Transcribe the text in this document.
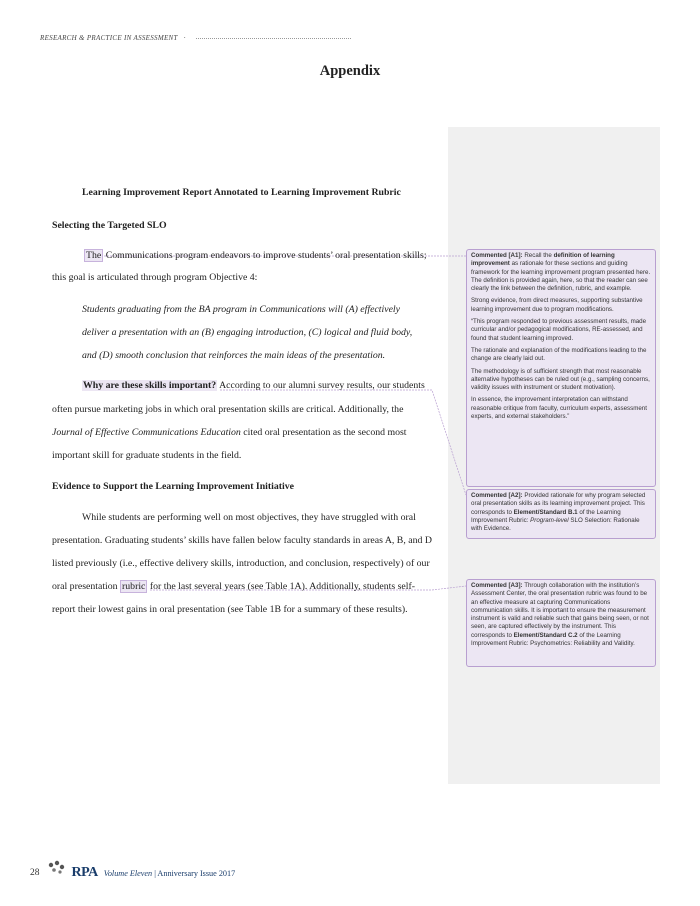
RESEARCH & PRACTICE IN ASSESSMENT ·
Appendix
Learning Improvement Report Annotated to Learning Improvement Rubric
Selecting the Targeted SLO
The Communications program endeavors to improve students’ oral presentation skills;
this goal is articulated through program Objective 4:
Students graduating from the BA program in Communications will (A) effectively
deliver a presentation with an (B) engaging introduction, (C) logical and fluid body,
and (D) smooth conclusion that reinforces the main ideas of the presentation.
Why are these skills important? According to our alumni survey results, our students
often pursue marketing jobs in which oral presentation skills are critical. Additionally, the
Journal of Effective Communications Education cited oral presentation as the second most
important skill for graduate students in the field.
Evidence to Support the Learning Improvement Initiative
While students are performing well on most objectives, they have struggled with oral
presentation. Graduating students’ skills have fallen below faculty standards in areas A, B, and D
listed previously (i.e., effective delivery skills, introduction, and conclusion, respectively) of our
oral presentation rubric for the last several years (see Table 1A). Additionally, students self-
report their lowest gains in oral presentation (see Table 1B for a summary of these results).

Commented [A1]: Recall the definition of learning improvement as rationale for these sections and guiding framework for the learning improvement program presented here. The definition is provided again, here, so that the reader can see clearly the link between the definition, rubric, and example.

Strong evidence, from direct measures, supporting substantive learning improvement due to program modifications.

“This program responded to previous assessment results, made curricular and/or pedagogical modifications, RE-assessed, and found that student learning improved.

The rationale and explanation of the modifications leading to the change are clearly laid out.

The methodology is of sufficient strength that most reasonable alternative hypotheses can be ruled out (e.g., sampling concerns, validity issues with instrument or student motivation).

In essence, the improvement interpretation can withstand reasonable critique from faculty, curriculum experts, assessment experts, and external stakeholders.”

Commented [A2]: Provided rationale for why program selected oral presentation skills as its learning improvement project. This corresponds to Element/Standard B.1 of the Learning Improvement Rubric: Program-level SLO Selection: Rationale with Evidence.

Commented [A3]: Through collaboration with the institution’s Assessment Center, the oral presentation rubric was found to be an effective measure at capturing Communications communication skills. It is important to ensure the measurement instrument is valid and reliable such that gains being seen, or not seen, are captured effectively by the instrument. This corresponds to Element/Standard C.2 of the Learning Improvement Rubric: Psychometrics: Reliability and Validity.

28 RPA Volume Eleven | Anniversary Issue 2017
